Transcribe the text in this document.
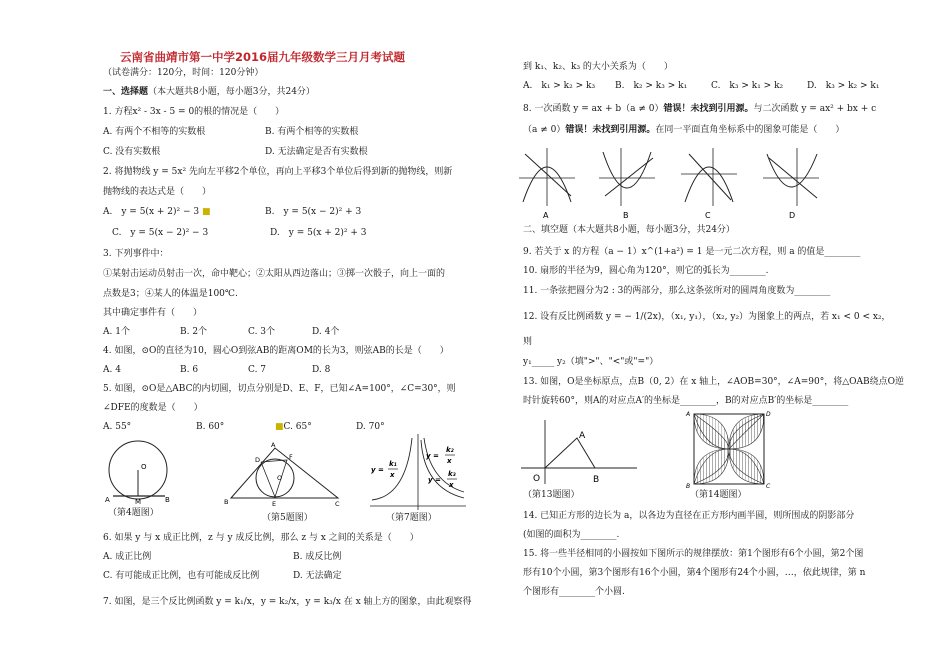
云南省曲靖市第一中学2016届九年级数学三月月考试题
（试卷满分：120分，时间：120分钟）
一、选择题（本大题共8小题，每小题3分，共24分）
1. 方程x² - 3x - 5 = 0的根的情况是（　　）
A. 有两个不相等的实数根	B. 有两个相等的实数根
C. 没有实数根	D. 无法确定是否有实数根
2. 将抛物线 y = 5x² 先向左平移2个单位，再向上平移3个单位后得到新的抛物线，则新
抛物线的表达式是（　　）
A.　y = 5(x + 2)² − 3 ■	B.　y = 5(x − 2)² + 3
C.　y = 5(x − 2)² − 3	D.　y = 5(x + 2)² + 3
3. 下列事件中：
①某射击运动员射击一次，命中靶心；②太阳从西边落山；③掷一次骰子，向上一面的
点数是3；④某人的体温是100℃.
其中确定事件有（　　）
A. 1个	B. 2个	C. 3个	D. 4个
4. 如图，⊙O的直径为10，圆心O到弦AB的距离OM的长为3，则弦AB的长是（　　）
A. 4	B. 6	C. 7	D. 8
5. 如图，⊙O是△ABC的内切圆，切点分别是D、E、F，已知∠A=100°，∠C=30°，则
∠DFE的度数是（　　）
A. 55°	B. 60°	■C. 65°	D. 70°
O
A	M	B
（第4题图）
A
D	F
O
B	E	C
（第5题图）
y =
k₁
x
y =
k₂
x
y =
k₃
x
（第7题图）
6. 如果 y 与 x 成正比例，z 与 y 成反比例，那么 z 与 x 之间的关系是（　　）
A. 成正比例	B. 成反比例
C. 有可能成正比例，也有可能成反比例	D. 无法确定
7. 如图，是三个反比例函数 y = k₁/x，y = k₂/x，y = k₃/x 在 x 轴上方的图象，由此观察得
到 k₁、k₂、k₃ 的大小关系为（　　）
A.　k₁ > k₂ > k₃ B.　k₂ > k₃ > k₁	C.　k₃ > k₁ > k₂	D.　k₃ > k₂ > k₁
8. 一次函数 y = ax + b（a ≠ 0）错误！未找到引用源。与二次函数 y = ax² + bx + c
（a ≠ 0）错误！未找到引用源。在同一平面直角坐标系中的图象可能是（　　）
A	B	C	D
二、填空题（本大题共8小题，每小题3分，共24分）
9. 若关于 x 的方程（a − 1）x^(1+a²) = 1 是一元二次方程，则 a 的值是________
10. 扇形的半径为9，圆心角为120°，则它的弧长为________.
11. 一条弦把圆分为2 : 3的两部分，那么这条弦所对的圆周角度数为________
12. 设有反比例函数 y = − 1/(2x)，（x₁, y₁），（x₂, y₂）为图象上的两点，若 x₁ < 0 < x₂，
则
y₁_____ y₂（填">"、"<"或"="）
13. 如图，O是坐标原点，点B（0, 2）在 x 轴上，∠AOB=30°，∠A=90°，将△OAB绕点O逆
时针旋转60°，则A的对应点A′的坐标是________，B的对应点B′的坐标是________
A
O	B
（第13题图）
A	D
B	C
（第14题图）
14. 已知正方形的边长为 a，以各边为直径在正方形内画半圆，则所围成的阴影部分
(如图的面积为________.
15. 将一些半径相同的小圆按如下图所示的规律摆放：第1个图形有6个小圆，第2个图
形有10个小圆，第3个图形有16个小圆，第4个图形有24个小圆，…，依此规律，第 n
个图形有________个小圆.
